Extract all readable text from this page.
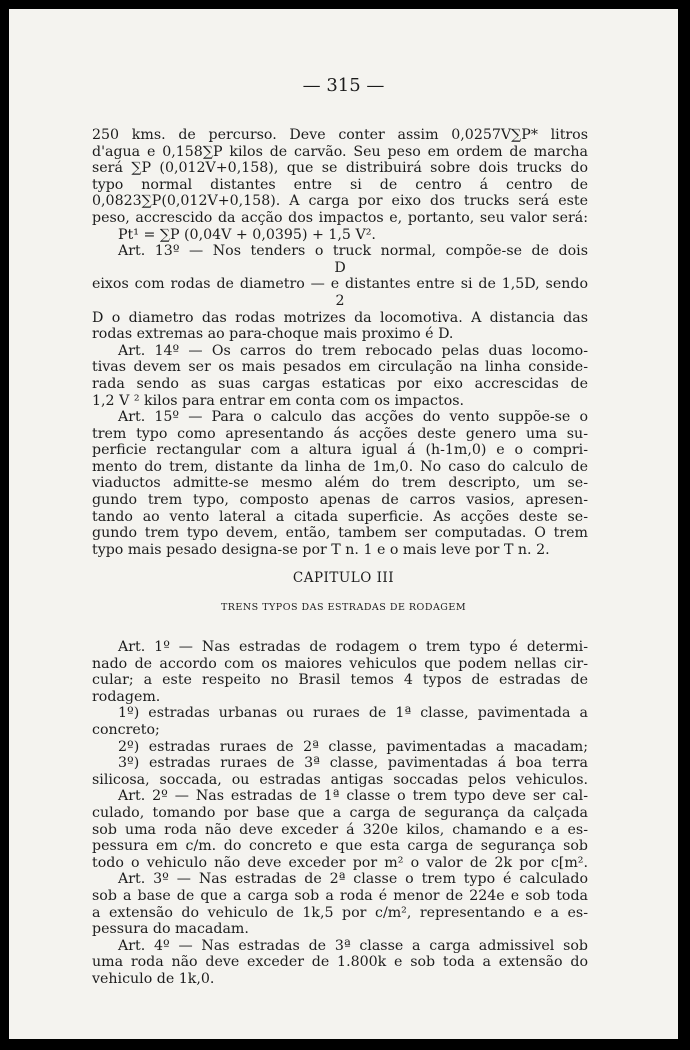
— 315 —
250 kms. de percurso. Deve conter assim 0,0257V∑P* litros
d'agua e 0,158∑P kilos de carvão. Seu peso em ordem de marcha
será ∑P (0,012V+0,158), que se distribuirá sobre dois trucks do
typo normal distantes entre si de centro á centro de
0,0823∑P(0,012V+0,158). A carga por eixo dos trucks será este
peso, accrescido da acção dos impactos e, portanto, seu valor será:
Pt¹ = ∑P (0,04V + 0,0395) + 1,5 V².
Art. 13º — Nos tenders o truck normal, compõe-se de dois
D
eixos com rodas de diametro — e distantes entre si de 1,5D, sendo
2
D o diametro das rodas motrizes da locomotiva. A distancia das
rodas extremas ao para-choque mais proximo é D.
Art. 14º — Os carros do trem rebocado pelas duas locomo-
tivas devem ser os mais pesados em circulação na linha conside-
rada sendo as suas cargas estaticas por eixo accrescidas de
1,2 V ² kilos para entrar em conta com os impactos.
Art. 15º — Para o calculo das acções do vento suppõe-se o
trem typo como apresentando ás acções deste genero uma su-
perficie rectangular com a altura igual á (h-1m,0) e o compri-
mento do trem, distante da linha de 1m,0. No caso do calculo de
viaductos admitte-se mesmo além do trem descripto, um se-
gundo trem typo, composto apenas de carros vasios, apresen-
tando ao vento lateral a citada superficie. As acções deste se-
gundo trem typo devem, então, tambem ser computadas. O trem
typo mais pesado designa-se por T n. 1 e o mais leve por T n. 2.
CAPITULO III
TRENS TYPOS DAS ESTRADAS DE RODAGEM
Art. 1º — Nas estradas de rodagem o trem typo é determi-
nado de accordo com os maiores vehiculos que podem nellas cir-
cular; a este respeito no Brasil temos 4 typos de estradas de
rodagem.
1º) estradas urbanas ou ruraes de 1ª classe, pavimentada a
concreto;
2º) estradas ruraes de 2ª classe, pavimentadas a macadam;
3º) estradas ruraes de 3ª classe, pavimentadas á boa terra
silicosa, soccada, ou estradas antigas soccadas pelos vehiculos.
Art. 2º — Nas estradas de 1ª classe o trem typo deve ser cal-
culado, tomando por base que a carga de segurança da calçada
sob uma roda não deve exceder á 320e kilos, chamando e a es-
pessura em c/m. do concreto e que esta carga de segurança sob
todo o vehiculo não deve exceder por m² o valor de 2k por c[m².
Art. 3º — Nas estradas de 2ª classe o trem typo é calculado
sob a base de que a carga sob a roda é menor de 224e e sob toda
a extensão do vehiculo de 1k,5 por c/m², representando e a es-
pessura do macadam.
Art. 4º — Nas estradas de 3ª classe a carga admissivel sob
uma roda não deve exceder de 1.800k e sob toda a extensão do
vehiculo de 1k,0.
